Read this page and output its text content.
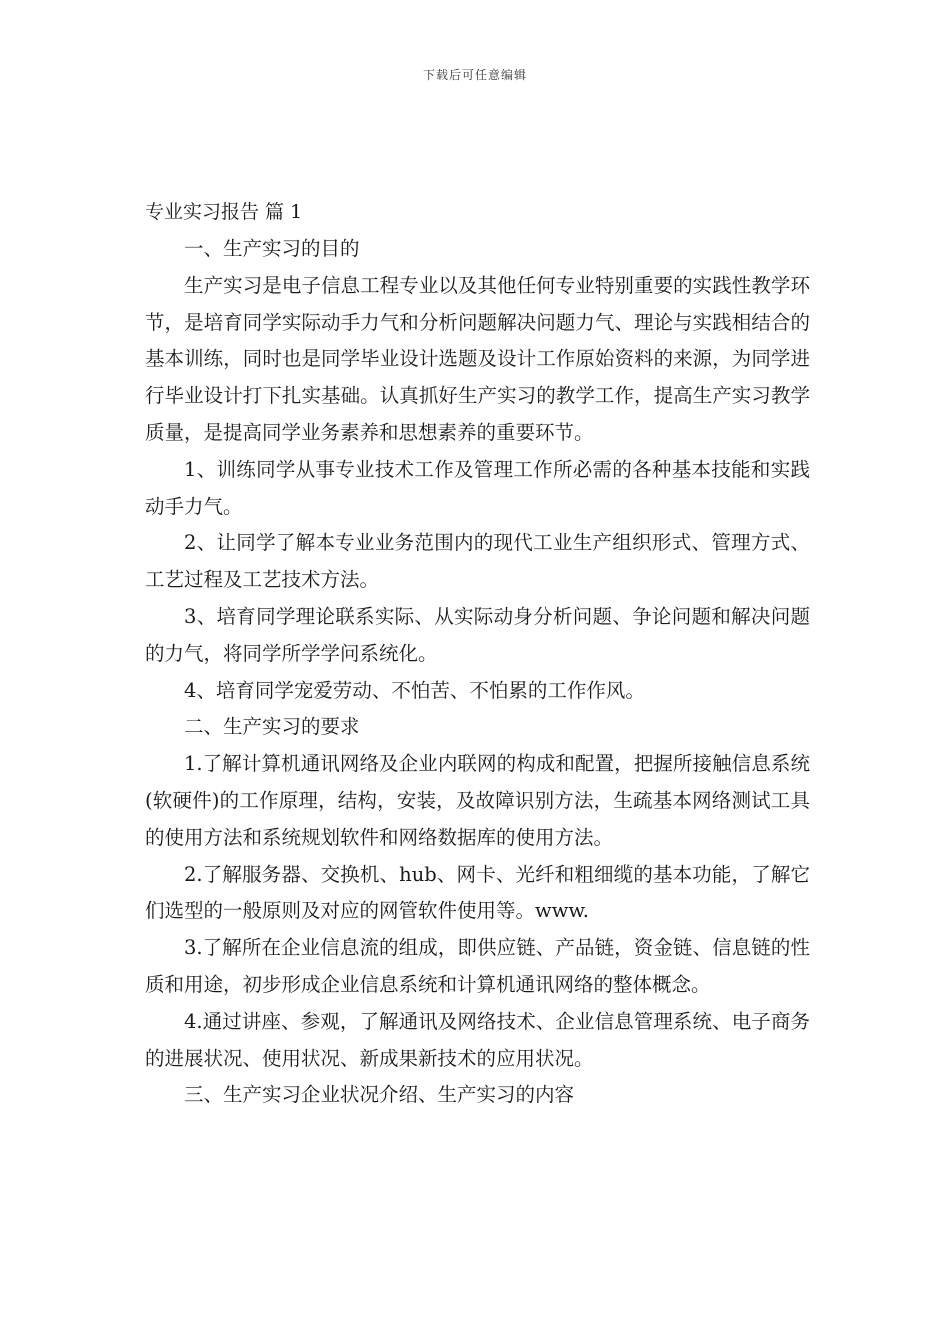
下载后可任意编辑

专业实习报告 篇 1

一、生产实习的目的

生产实习是电子信息工程专业以及其他任何专业特别重要的实践性教学环节，是培育同学实际动手力气和分析问题解决问题力气、理论与实践相结合的基本训练，同时也是同学毕业设计选题及设计工作原始资料的来源，为同学进行毕业设计打下扎实基础。认真抓好生产实习的教学工作，提高生产实习教学质量，是提高同学业务素养和思想素养的重要环节。

1、训练同学从事专业技术工作及管理工作所必需的各种基本技能和实践动手力气。

2、让同学了解本专业业务范围内的现代工业生产组织形式、管理方式、工艺过程及工艺技术方法。

3、培育同学理论联系实际、从实际动身分析问题、争论问题和解决问题的力气，将同学所学学问系统化。

4、培育同学宠爱劳动、不怕苦、不怕累的工作作风。

二、生产实习的要求

1.了解计算机通讯网络及企业内联网的构成和配置，把握所接触信息系统(软硬件)的工作原理，结构，安装，及故障识别方法，生疏基本网络测试工具的使用方法和系统规划软件和网络数据库的使用方法。

2.了解服务器、交换机、hub、网卡、光纤和粗细缆的基本功能，了解它们选型的一般原则及对应的网管软件使用等。www.

3.了解所在企业信息流的组成，即供应链、产品链，资金链、信息链的性质和用途，初步形成企业信息系统和计算机通讯网络的整体概念。

4.通过讲座、参观，了解通讯及网络技术、企业信息管理系统、电子商务的进展状况、使用状况、新成果新技术的应用状况。

三、生产实习企业状况介绍、生产实习的内容
